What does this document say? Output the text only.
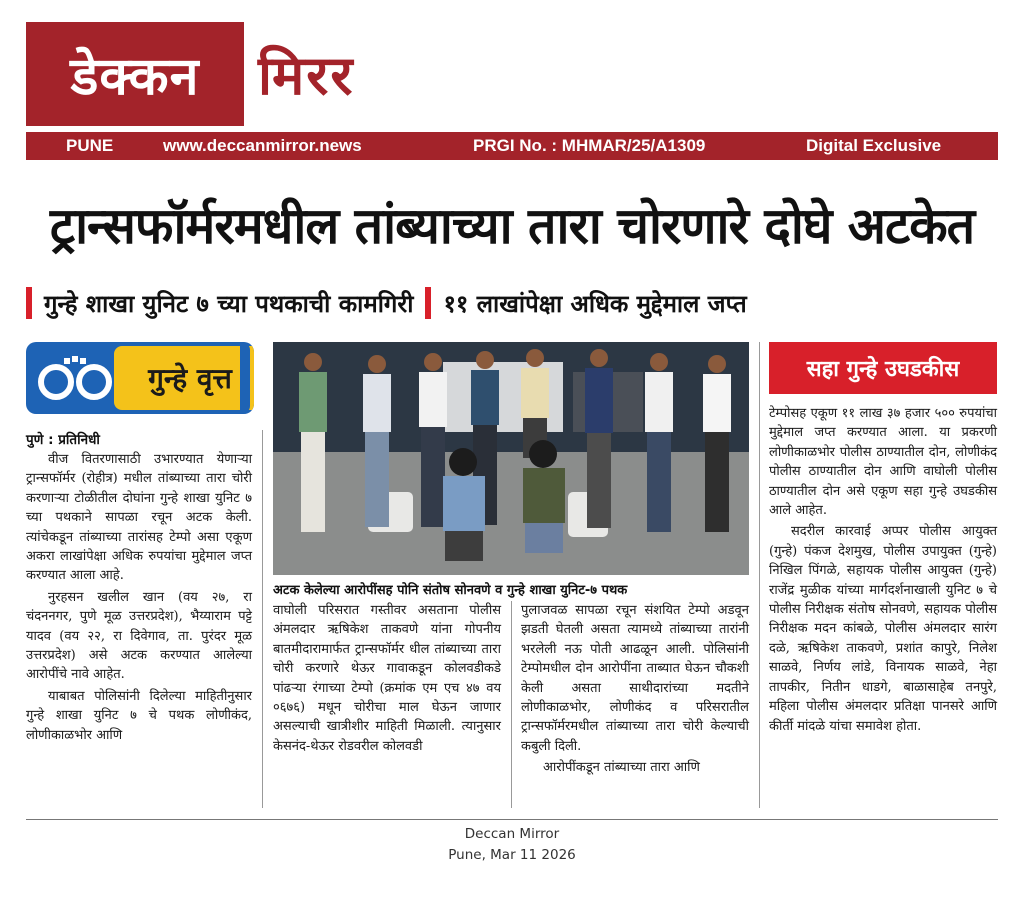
डेक्कन	मिरर
PUNE	www.deccanmirror.news	PRGI No. : MHMAR/25/A1309	Digital Exclusive
ट्रान्सफॉर्मरमधील तांब्याच्या तारा चोरणारे दोघे अटकेत
गुन्हे शाखा युनिट ७ च्या पथकाची कामगिरी ११ लाखांपेक्षा अधिक मुद्देमाल जप्त
गुन्हे वृत्त
अटक केलेल्या आरोपींसह पोनि संतोष सोनवणे व गुन्हे शाखा युनिट-७ पथक
सहा गुन्हे उघडकीस
पुणे : प्रतिनिधी

वीज वितरणासाठी उभारण्यात येणाऱ्या ट्रान्सफॉर्मर (रोहीत्र) मधील तांब्याच्या तारा चोरी करणाऱ्या टोळीतील दोघांना गुन्हे शाखा युनिट ७ च्या पथकाने सापळा रचून अटक केली. त्यांचेकडून तांब्याच्या तारांसह टेम्पो असा एकूण अकरा लाखांपेक्षा अधिक रुपयांचा मुद्देमाल जप्त करण्यात आला आहे.

नुरहसन खलील खान (वय २७, रा चंदननगर, पुणे मूळ उत्तरप्रदेश), भैय्याराम पट्टे यादव (वय २२, रा दिवेगाव, ता. पुरंदर मूळ उत्तरप्रदेश) असे अटक करण्यात आलेल्या आरोपींचे नावे आहेत.

याबाबत पोलिसांनी दिलेल्या माहितीनुसार गुन्हे शाखा युनिट ७ चे पथक लोणीकंद, लोणीकाळभोर आणि

वाघोली परिसरात गस्तीवर असताना पोलीस अंमलदार ऋषिकेश ताकवणे यांना गोपनीय बातमीदारामार्फत ट्रान्सफॉर्मर धील तांब्याच्या तारा चोरी करणारे थेऊर गावाकडून कोलवडीकडे पांढऱ्या रंगाच्या टेम्पो (क्रमांक एम एच ४७ वय ०६७६) मधून चोरीचा माल घेऊन जाणार असल्याची खात्रीशीर माहिती मिळाली. त्यानुसार केसनंद-थेऊर रोडवरील कोलवडी

पुलाजवळ सापळा रचून संशयित टेम्पो अडवून झडती घेतली असता त्यामध्ये तांब्याच्या तारांनी भरलेली नऊ पोती आढळून आली. पोलिसांनी टेम्पोमधील दोन आरोपींना ताब्यात घेऊन चौकशी केली असता साथीदारांच्या मदतीने लोणीकाळभोर, लोणीकंद व परिसरातील ट्रान्सफॉर्मरमधील तांब्याच्या तारा चोरी केल्याची कबुली दिली.

आरोपींकडून तांब्याच्या तारा आणि

टेम्पोसह एकूण ११ लाख ३७ हजार ५०० रुपयांचा मुद्देमाल जप्त करण्यात आला. या प्रकरणी लोणीकाळभोर पोलीस ठाण्यातील दोन, लोणीकंद पोलीस ठाण्यातील दोन आणि वाघोली पोलीस ठाण्यातील दोन असे एकूण सहा गुन्हे उघडकीस आले आहेत.

सदरील कारवाई अप्पर पोलीस आयुक्त (गुन्हे) पंकज देशमुख, पोलीस उपायुक्त (गुन्हे) निखिल पिंगळे, सहायक पोलीस आयुक्त (गुन्हे) राजेंद्र मुळीक यांच्या मार्गदर्शनाखाली युनिट ७ चे पोलीस निरीक्षक संतोष सोनवणे, सहायक पोलीस निरीक्षक मदन कांबळे, पोलीस अंमलदार सारंग दळे, ऋषिकेश ताकवणे, प्रशांत कापुरे, निलेश साळवे, निर्णय लांडे, विनायक साळवे, नेहा तापकीर, नितीन धाडगे, बाळासाहेब तनपुरे, महिला पोलीस अंमलदार प्रतिक्षा पानसरे आणि कीर्ती मांदळे यांचा समावेश होता.

Deccan Mirror
Pune, Mar 11 2026
